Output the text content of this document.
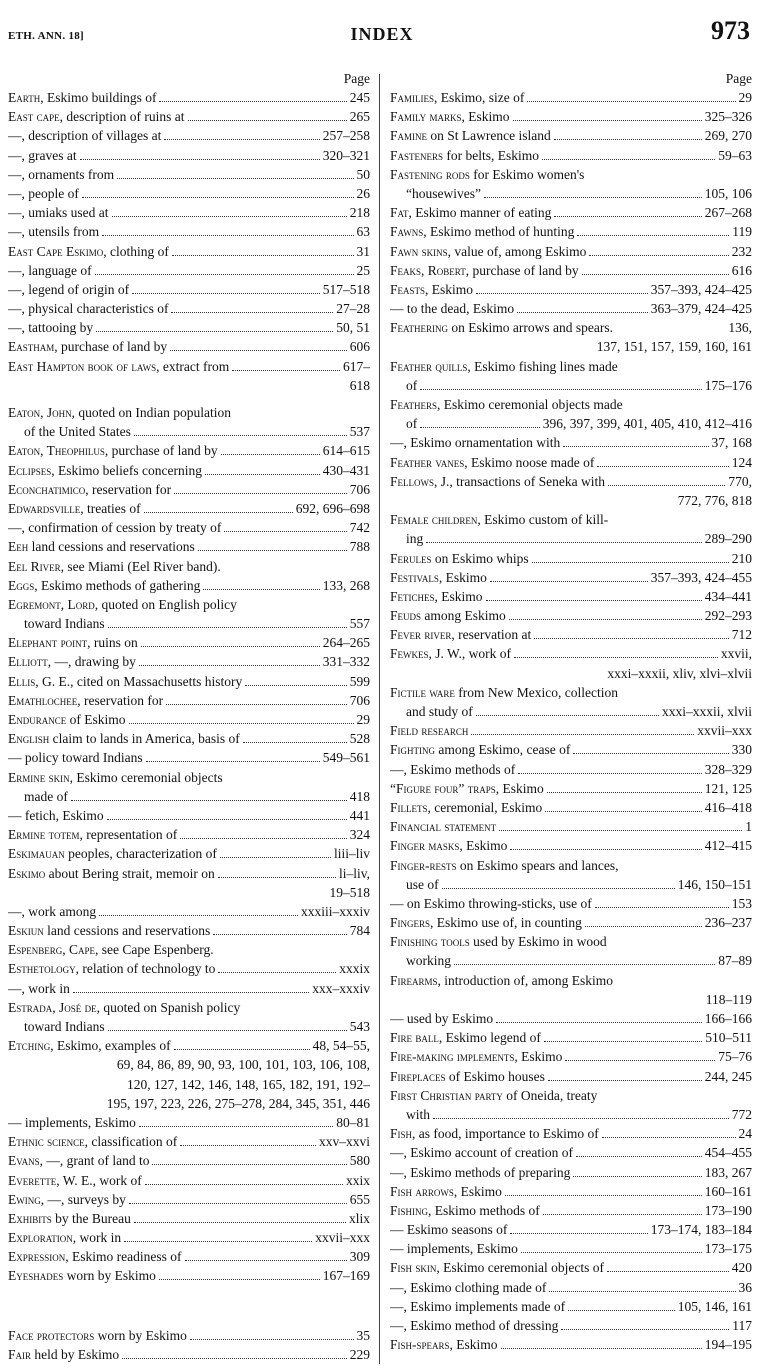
ETH. ANN. 18]	INDEX	973
Page
Earth, Eskimo buildings of	245
East cape, description of ruins at	265
—, description of villages at	257–258
—, graves at	320–321
—, ornaments from	50
—, people of	26
—, umiaks used at	218
—, utensils from	63
East Cape Eskimo, clothing of	31
—, language of	25
—, legend of origin of	517–518
—, physical characteristics of	27–28
—, tattooing by	50, 51
Eastham, purchase of land by	606
East Hampton book of laws, extract from	617–
618
Eaton, John, quoted on Indian population
of the United States	537
Eaton, Theophilus, purchase of land by	614–615
Eclipses, Eskimo beliefs concerning	430–431
Econchatimico, reservation for	706
Edwardsville, treaties of	692, 696–698
—, confirmation of cession by treaty of	742
Eeh land cessions and reservations	788
Eel River, see Miami (Eel River band).
Eggs, Eskimo methods of gathering	133, 268
Egremont, Lord, quoted on English policy
toward Indians	557
Elephant point, ruins on	264–265
Elliott, —, drawing by	331–332
Ellis, G. E., cited on Massachusetts history	599
Emathlochee, reservation for	706
Endurance of Eskimo	29
English claim to lands in America, basis of	528
— policy toward Indians	549–561
Ermine skin, Eskimo ceremonial objects
made of	418
— fetich, Eskimo	441
Ermine totem, representation of	324
Eskimauan peoples, characterization of	liii–liv
Eskimo about Bering strait, memoir on	li–liv,
19–518
—, work among	xxxiii–xxxiv
Eskiun land cessions and reservations	784
Espenberg, Cape, see Cape Espenberg.
Esthetology, relation of technology to	xxxix
—, work in	xxx–xxxiv
Estrada, José de, quoted on Spanish policy
toward Indians	543
Etching, Eskimo, examples of	48, 54–55,
69, 84, 86, 89, 90, 93, 100, 101, 103, 106, 108,
120, 127, 142, 146, 148, 165, 182, 191, 192–
195, 197, 223, 226, 275–278, 284, 345, 351, 446
— implements, Eskimo	80–81
Ethnic science, classification of	xxv–xxvi
Evans, —, grant of land to	580
Everette, W. E., work of	xxix
Ewing, —, surveys by	655
Exhibits by the Bureau	xlix
Exploration, work in	xxvii–xxx
Expression, Eskimo readiness of	309
Eyeshades worn by Eskimo	167–169
Face protectors worn by Eskimo	35
Fair held by Eskimo	229
Page
Families, Eskimo, size of	29
Family marks, Eskimo	325–326
Famine on St Lawrence island	269, 270
Fasteners for belts, Eskimo	59–63
Fastening rods for Eskimo women's
“housewives”	105, 106
Fat, Eskimo manner of eating	267–268
Fawns, Eskimo method of hunting	119
Fawn skins, value of, among Eskimo	232
Feaks, Robert, purchase of land by	616
Feasts, Eskimo	357–393, 424–425
— to the dead, Eskimo	363–379, 424–425
Feathering on Eskimo arrows and spears.	136,
137, 151, 157, 159, 160, 161
Feather quills, Eskimo fishing lines made
of	175–176
Feathers, Eskimo ceremonial objects made
of	396, 397, 399, 401, 405, 410, 412–416
—, Eskimo ornamentation with	37, 168
Feather vanes, Eskimo noose made of	124
Fellows, J., transactions of Seneka with	770,
772, 776, 818
Female children, Eskimo custom of kill-
ing	289–290
Ferules on Eskimo whips	210
Festivals, Eskimo	357–393, 424–455
Fetiches, Eskimo	434–441
Feuds among Eskimo	292–293
Fever river, reservation at	712
Fewkes, J. W., work of	xxvii,
xxxi–xxxii, xliv, xlvi–xlvii
Fictile ware from New Mexico, collection
and study of	xxxi–xxxii, xlvii
Field research	xxvii–xxx
Fighting among Eskimo, cease of	330
—, Eskimo methods of	328–329
“Figure four” traps, Eskimo	121, 125
Fillets, ceremonial, Eskimo	416–418
Financial statement	1
Finger masks, Eskimo	412–415
Finger-rests on Eskimo spears and lances,
use of	146, 150–151
— on Eskimo throwing-sticks, use of	153
Fingers, Eskimo use of, in counting	236–237
Finishing tools used by Eskimo in wood
working	87–89
Firearms, introduction of, among Eskimo
118–119
— used by Eskimo	166–166
Fire ball, Eskimo legend of	510–511
Fire-making implements, Eskimo	75–76
Fireplaces of Eskimo houses	244, 245
First Christian party of Oneida, treaty
with	772
Fish, as food, importance to Eskimo of	24
—, Eskimo account of creation of	454–455
—, Eskimo methods of preparing	183, 267
Fish arrows, Eskimo	160–161
Fishing, Eskimo methods of	173–190
— Eskimo seasons of	173–174, 183–184
— implements, Eskimo	173–175
Fish skin, Eskimo ceremonial objects of	420
—, Eskimo clothing made of	36
—, Eskimo implements made of	105, 146, 161
—, Eskimo method of dressing	117
Fish-spears, Eskimo	194–195
